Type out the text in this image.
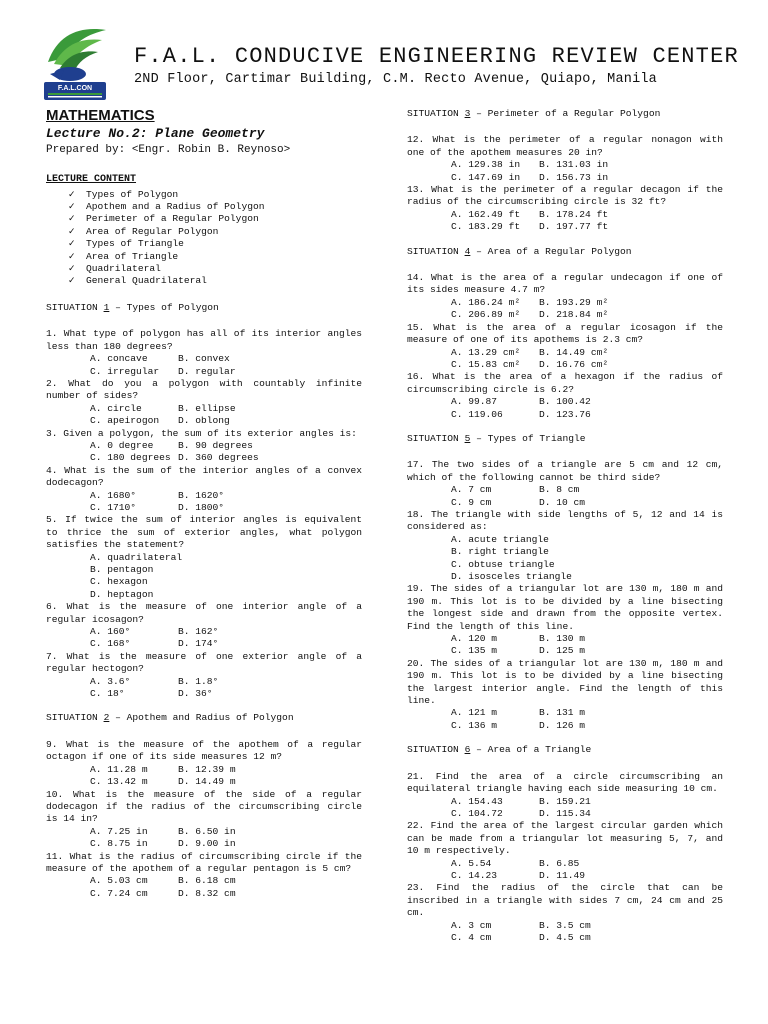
F.A.L.CON
F.A.L. CONDUCIVE ENGINEERING REVIEW CENTER
2ND Floor, Cartimar Building, C.M. Recto Avenue, Quiapo, Manila
MATHEMATICS
Lecture No.2: Plane Geometry
Prepared by: <Engr. Robin B. Reynoso>
LECTURE CONTENT
✓ Types of Polygon
✓ Apothem and a Radius of Polygon
✓ Perimeter of a Regular Polygon
✓ Area of Regular Polygon
✓ Types of Triangle
✓ Area of Triangle
✓ Quadrilateral
✓ General Quadrilateral
SITUATION 1 – Types of Polygon

1. What type of polygon has all of its interior angles less than 180 degrees?

A. concave	B. convex
C. irregular	D. regular

2. What do you a polygon with countably infinite number of sides?

A. circle	B. ellipse
C. apeirogon	D. oblong

3. Given a polygon, the sum of its exterior angles is:

A. 0 degree	B. 90 degrees
C. 180 degrees D. 360 degrees

4. What is the sum of the interior angles of a convex dodecagon?

A. 1680°	B. 1620°
C. 1710°	D. 1800°

5. If twice the sum of interior angles is equivalent to thrice the sum of exterior angles, what polygon satisfies the statement?

A. quadrilateral
B. pentagon
C. hexagon
D. heptagon

6. What is the measure of one interior angle of a regular icosagon?

A. 160°	B. 162°
C. 168°	D. 174°

7. What is the measure of one exterior angle of a regular hectogon?

A. 3.6°	B. 1.8°
C. 18°	D. 36°
SITUATION 2 – Apothem and Radius of Polygon

9. What is the measure of the apothem of a regular octagon if one of its side measures 12 m?

A. 11.28 m	B. 12.39 m
C. 13.42 m	D. 14.49 m

10. What is the measure of the side of a regular dodecagon if the radius of the circumscribing circle is 14 in?

A. 7.25 in	B. 6.50 in
C. 8.75 in	D. 9.00 in

11. What is the radius of circumscribing circle if the measure of the apothem of a regular pentagon is 5 cm?

A. 5.03 cm	B. 6.18 cm
C. 7.24 cm	D. 8.32 cm
SITUATION 3 – Perimeter of a Regular Polygon

12. What is the perimeter of a regular nonagon with one of the apothem measures 20 in?

A. 129.38 in	B. 131.03 in
C. 147.69 in	D. 156.73 in

13. What is the perimeter of a regular decagon if the radius of the circumscribing circle is 32 ft?

A. 162.49 ft	B. 178.24 ft
C. 183.29 ft	D. 197.77 ft
SITUATION 4 – Area of a Regular Polygon

14. What is the area of a regular undecagon if one of its sides measure 4.7 m?

A. 186.24 m²	B. 193.29 m²
C. 206.89 m²	D. 218.84 m²

15. What is the area of a regular icosagon if the measure of one of its apothems is 2.3 cm?

A. 13.29 cm²	B. 14.49 cm²
C. 15.83 cm²	D. 16.76 cm²

16. What is the area of a hexagon if the radius of circumscribing circle is 6.2?

A. 99.87	B. 100.42
C. 119.06	D. 123.76
SITUATION 5 – Types of Triangle

17. The two sides of a triangle are 5 cm and 12 cm, which of the following cannot be third side?

A. 7 cm	B. 8 cm
C. 9 cm	D. 10 cm

18. The triangle with side lengths of 5, 12 and 14 is considered as:

A. acute triangle
B. right triangle
C. obtuse triangle
D. isosceles triangle

19. The sides of a triangular lot are 130 m, 180 m and 190 m. This lot is to be divided by a line bisecting the longest side and drawn from the opposite vertex. Find the length of this line.

A. 120 m	B. 130 m
C. 135 m	D. 125 m

20. The sides of a triangular lot are 130 m, 180 m and 190 m. This lot is to be divided by a line bisecting the largest interior angle. Find the length of this line.

A. 121 m	B. 131 m
C. 136 m	D. 126 m
SITUATION 6 – Area of a Triangle

21. Find the area of a circle circumscribing an equilateral triangle having each side measuring 10 cm.

A. 154.43	B. 159.21
C. 104.72	D. 115.34

22. Find the area of the largest circular garden which can be made from a triangular lot measuring 5, 7, and 10 m respectively.

A. 5.54	B. 6.85
C. 14.23	D. 11.49

23. Find the radius of the circle that can be inscribed in a triangle with sides 7 cm, 24 cm and 25 cm.

A. 3 cm	B. 3.5 cm
C. 4 cm	D. 4.5 cm
